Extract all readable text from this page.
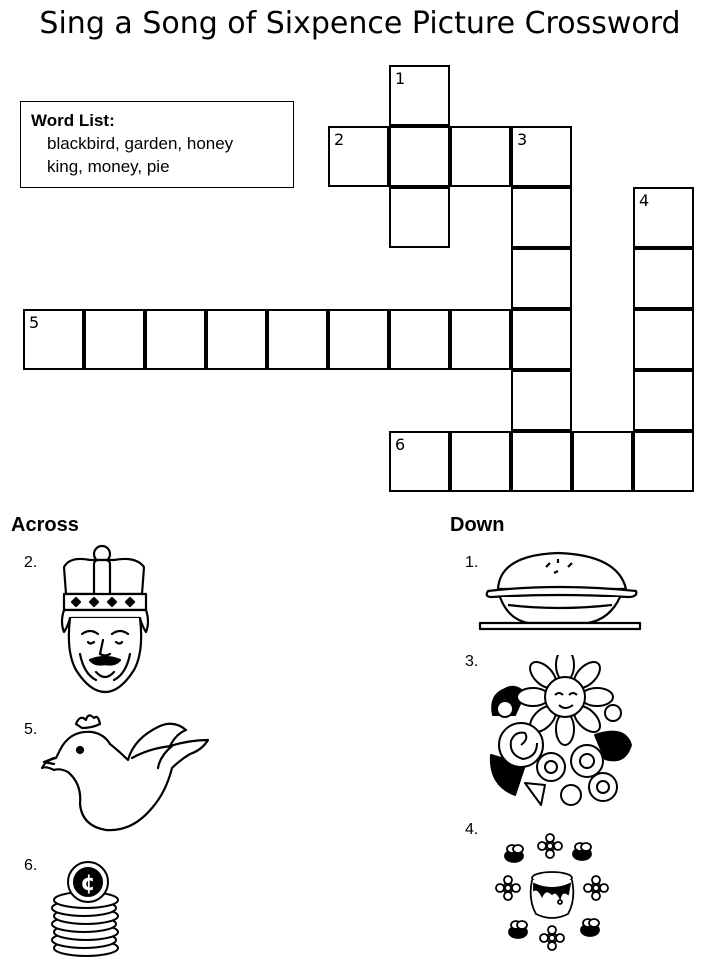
Sing a Song of Sixpence Picture Crossword
Word List:
blackbird, garden, honey
king, money, pie
1
2	3
4
5
6
Across
2.
5.
6.
¢
Down
1.
3.
4.
